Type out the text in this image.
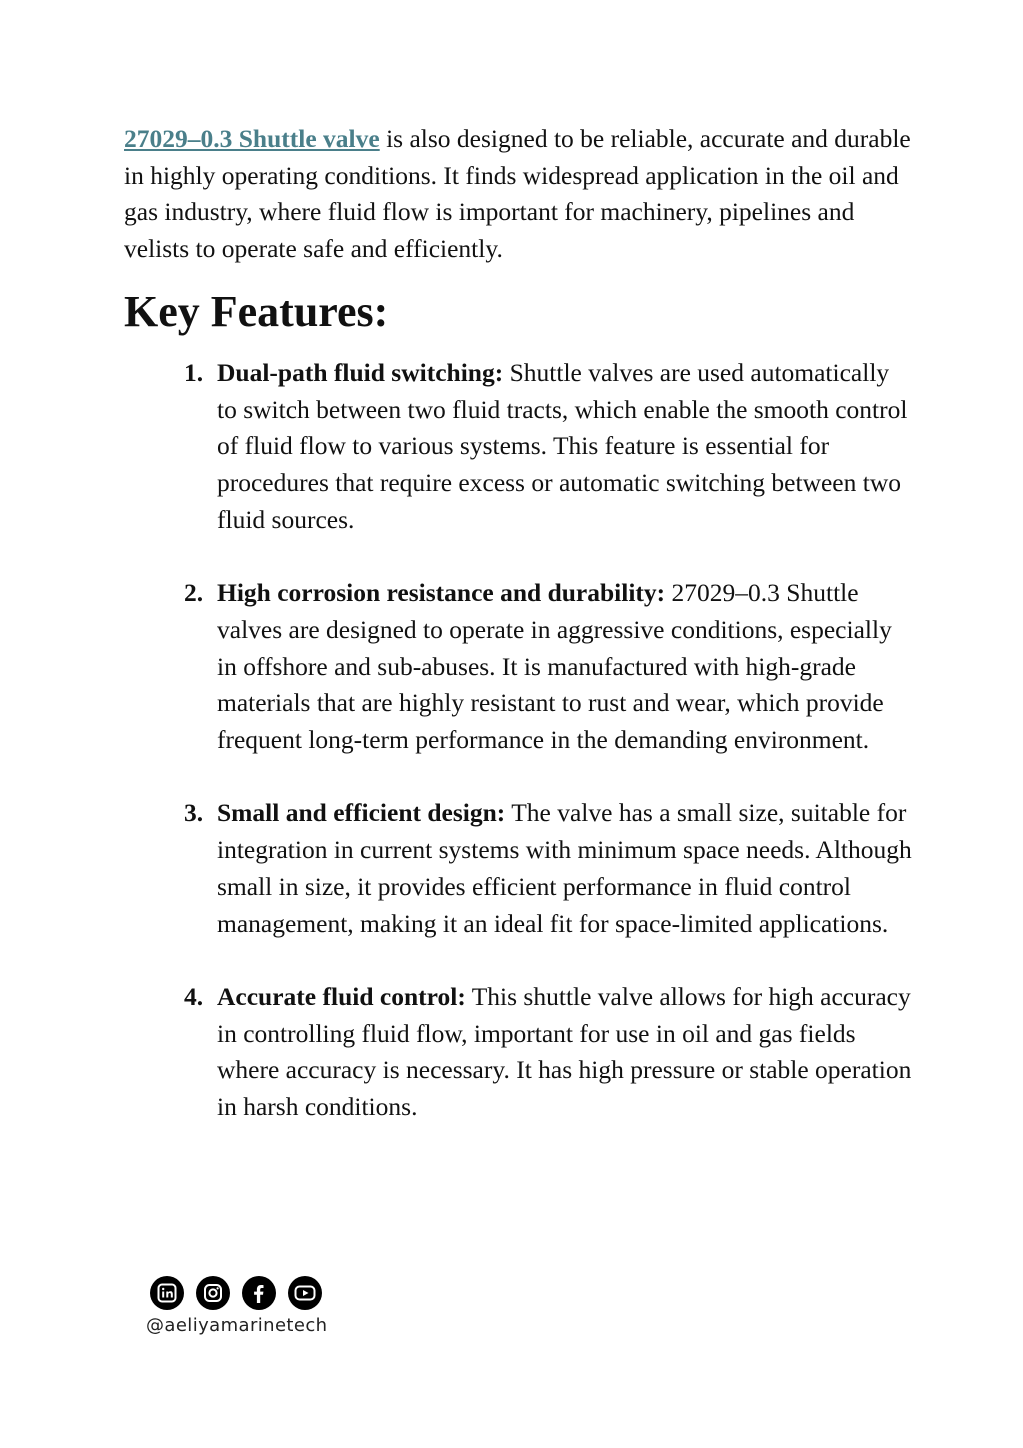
27029–0.3 Shuttle valve is also designed to be reliable, accurate and durable in highly operating conditions. It finds widespread application in the oil and gas industry, where fluid flow is important for machinery, pipelines and velists to operate safe and efficiently.

Key Features:
1. Dual-path fluid switching: Shuttle valves are used automatically to switch between two fluid tracts, which enable the smooth control of fluid flow to various systems. This feature is essential for procedures that require excess or automatic switching between two fluid sources.
2. High corrosion resistance and durability: 27029–0.3 Shuttle valves are designed to operate in aggressive conditions, especially in offshore and sub-abuses. It is manufactured with high-grade materials that are highly resistant to rust and wear, which provide frequent long-term performance in the demanding environment.
3. Small and efficient design: The valve has a small size, suitable for integration in current systems with minimum space needs. Although small in size, it provides efficient performance in fluid control management, making it an ideal fit for space-limited applications.
4. Accurate fluid control: This shuttle valve allows for high accuracy in controlling fluid flow, important for use in oil and gas fields where accuracy is necessary. It has high pressure or stable operation in harsh conditions.
@aeliyamarinetech
